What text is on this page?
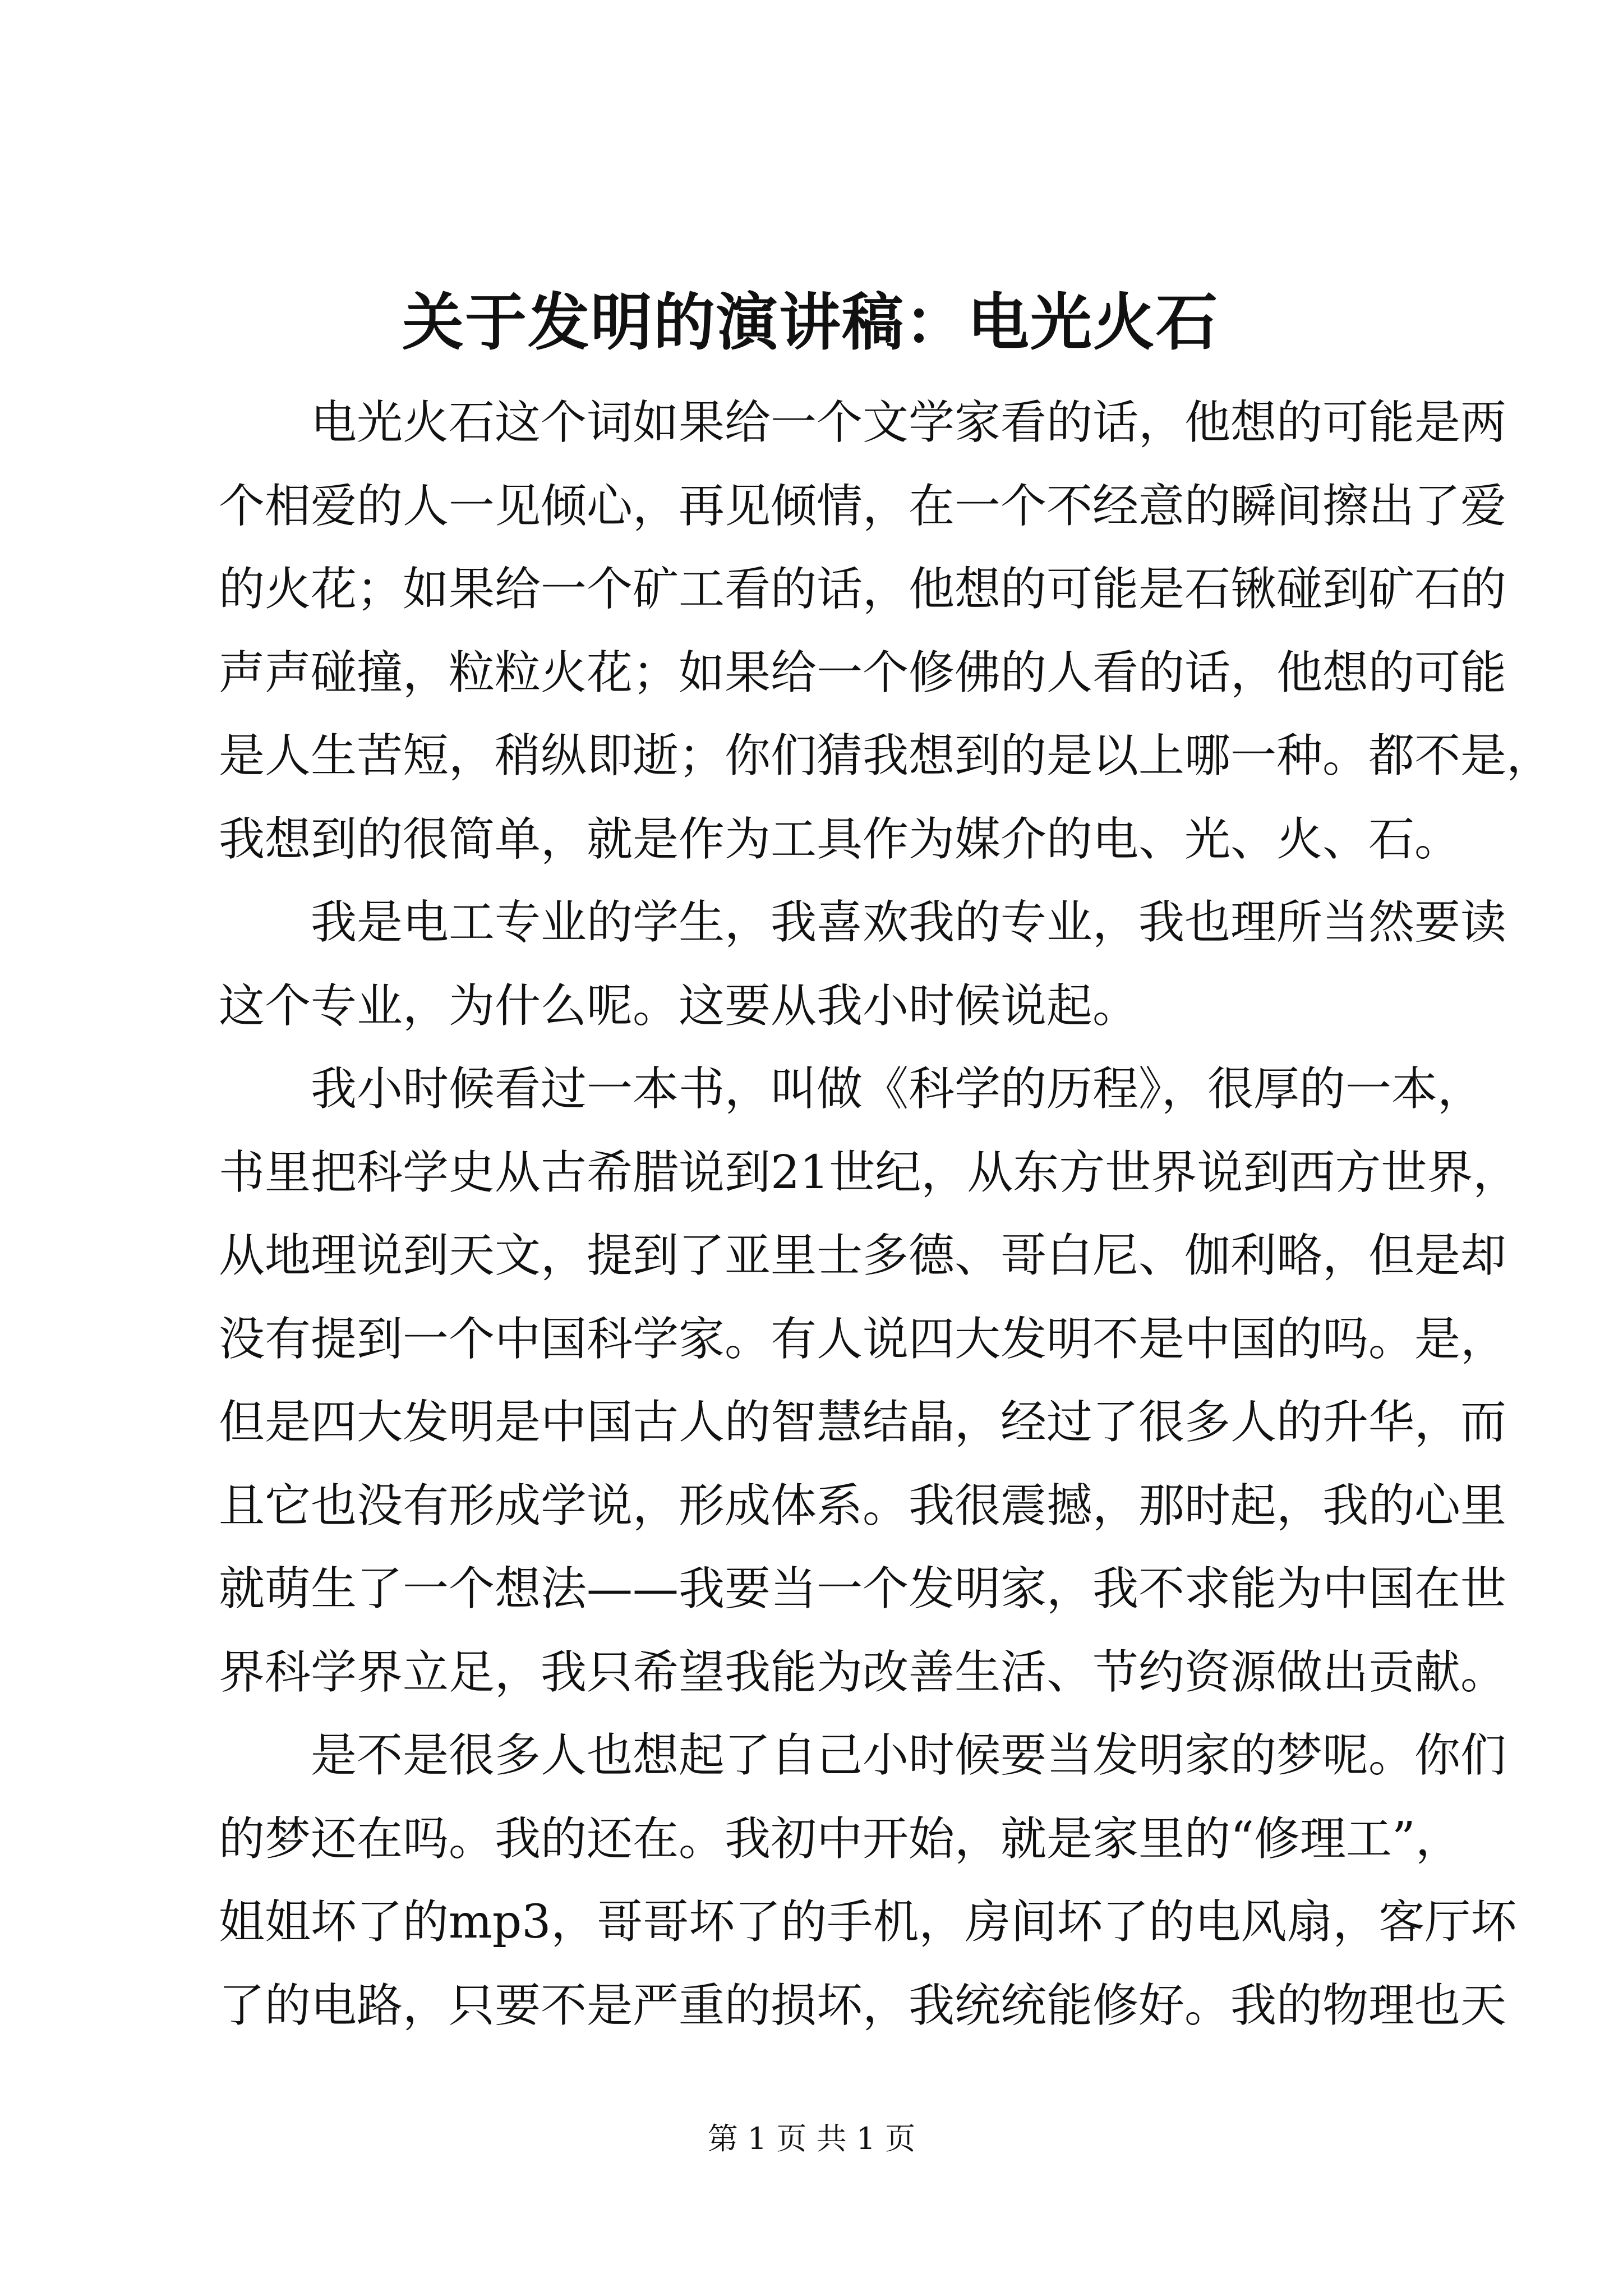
关于发明的演讲稿：电光火石

电光火石这个词如果给一个文学家看的话，他想的可能是两
个相爱的人一见倾心，再见倾情，在一个不经意的瞬间擦出了爱
的火花；如果给一个矿工看的话，他想的可能是石锹碰到矿石的
声声碰撞，粒粒火花；如果给一个修佛的人看的话，他想的可能
是人生苦短，稍纵即逝；你们猜我想到的是以上哪一种。都不是，
我想到的很简单，就是作为工具作为媒介的电、光、火、石。

我是电工专业的学生，我喜欢我的专业，我也理所当然要读
这个专业，为什么呢。这要从我小时候说起。

我小时候看过一本书，叫做《科学的历程》，很厚的一本，
书里把科学史从古希腊说到21世纪，从东方世界说到西方世界，
从地理说到天文，提到了亚里士多德、哥白尼、伽利略，但是却
没有提到一个中国科学家。有人说四大发明不是中国的吗。是，
但是四大发明是中国古人的智慧结晶，经过了很多人的升华，而
且它也没有形成学说，形成体系。我很震撼，那时起，我的心里
就萌生了一个想法——我要当一个发明家，我不求能为中国在世
界科学界立足，我只希望我能为改善生活、节约资源做出贡献。

是不是很多人也想起了自己小时候要当发明家的梦呢。你们
的梦还在吗。我的还在。我初中开始，就是家里的“修理工”，
姐姐坏了的mp3，哥哥坏了的手机，房间坏了的电风扇，客厅坏
了的电路，只要不是严重的损坏，我统统能修好。我的物理也天

第 1 页 共 1 页
